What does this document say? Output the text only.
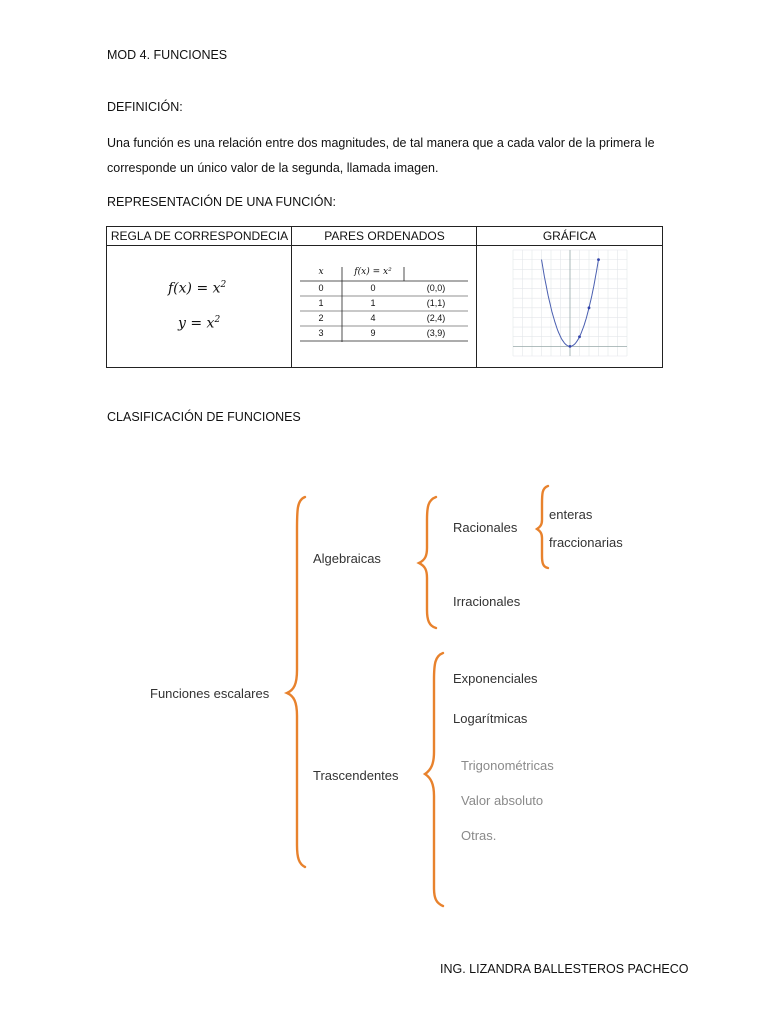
MOD 4. FUNCIONES
DEFINICIÓN:
Una función es una relación entre dos magnitudes, de tal manera que a cada valor de la primera le corresponde un único valor de la segunda, llamada imagen.
REPRESENTACIÓN DE UNA FUNCIÓN:
REGLA DE CORRESPONDECIA	PARES ORDENADOS	GRÁFICA
$f(x) = x^2$
$y = x^2$
x	f(x) = x²
0	0	(0,0)
1	1	(1,1)
2	4	(2,4)
3	9	(3,9)
CLASIFICACIÓN DE FUNCIONES
Funciones escalares
Algebraicas
Racionales
enteras
fraccionarias
Irracionales
Trascendentes
Exponenciales
Logarítmicas
Trigonométricas
Valor absoluto
Otras.
ING. LIZANDRA BALLESTEROS PACHECO
